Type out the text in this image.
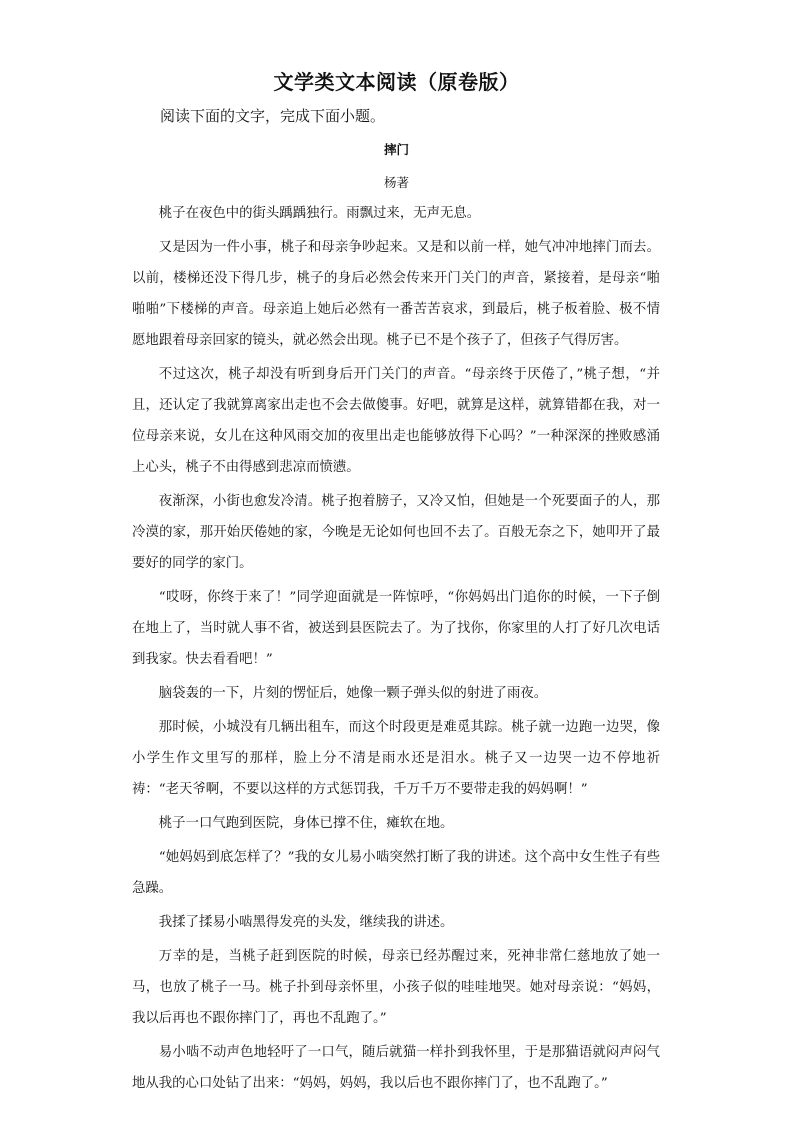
文学类文本阅读（原卷版）

阅读下面的文字，完成下面小题。

摔门

杨著

桃子在夜色中的街头踽踽独行。雨飘过来，无声无息。

又是因为一件小事，桃子和母亲争吵起来。又是和以前一样，她气冲冲地摔门而去。以前，楼梯还没下得几步，桃子的身后必然会传来开门关门的声音，紧接着，是母亲“啪啪啪”下楼梯的声音。母亲追上她后必然有一番苦苦哀求，到最后，桃子板着脸、极不情愿地跟着母亲回家的镜头，就必然会出现。桃子已不是个孩子了，但孩子气得厉害。

不过这次，桃子却没有听到身后开门关门的声音。“母亲终于厌倦了，”桃子想，“并且，还认定了我就算离家出走也不会去做傻事。好吧，就算是这样，就算错都在我，对一位母亲来说，女儿在这种风雨交加的夜里出走也能够放得下心吗？”一种深深的挫败感涌上心头，桃子不由得感到悲凉而愤懑。

夜渐深，小街也愈发冷清。桃子抱着膀子，又冷又怕，但她是一个死要面子的人，那冷漠的家，那开始厌倦她的家，今晚是无论如何也回不去了。百般无奈之下，她叩开了最要好的同学的家门。

“哎呀，你终于来了！”同学迎面就是一阵惊呼，“你妈妈出门追你的时候，一下子倒在地上了，当时就人事不省，被送到县医院去了。为了找你，你家里的人打了好几次电话到我家。快去看看吧！”

脑袋轰的一下，片刻的愣怔后，她像一颗子弹头似的射进了雨夜。

那时候，小城没有几辆出租车，而这个时段更是难觅其踪。桃子就一边跑一边哭，像小学生作文里写的那样，脸上分不清是雨水还是泪水。桃子又一边哭一边不停地祈祷：“老天爷啊，不要以这样的方式惩罚我，千万千万不要带走我的妈妈啊！”

桃子一口气跑到医院，身体已撑不住，瘫软在地。

“她妈妈到底怎样了？”我的女儿易小啮突然打断了我的讲述。这个高中女生性子有些急躁。

我揉了揉易小啮黑得发亮的头发，继续我的讲述。

万幸的是，当桃子赶到医院的时候，母亲已经苏醒过来，死神非常仁慈地放了她一马，也放了桃子一马。桃子扑到母亲怀里，小孩子似的哇哇地哭。她对母亲说：“妈妈，我以后再也不跟你摔门了，再也不乱跑了。”

易小啮不动声色地轻吁了一口气，随后就猫一样扑到我怀里，于是那猫语就闷声闷气地从我的心口处钻了出来：“妈妈，妈妈，我以后也不跟你摔门了，也不乱跑了。”
